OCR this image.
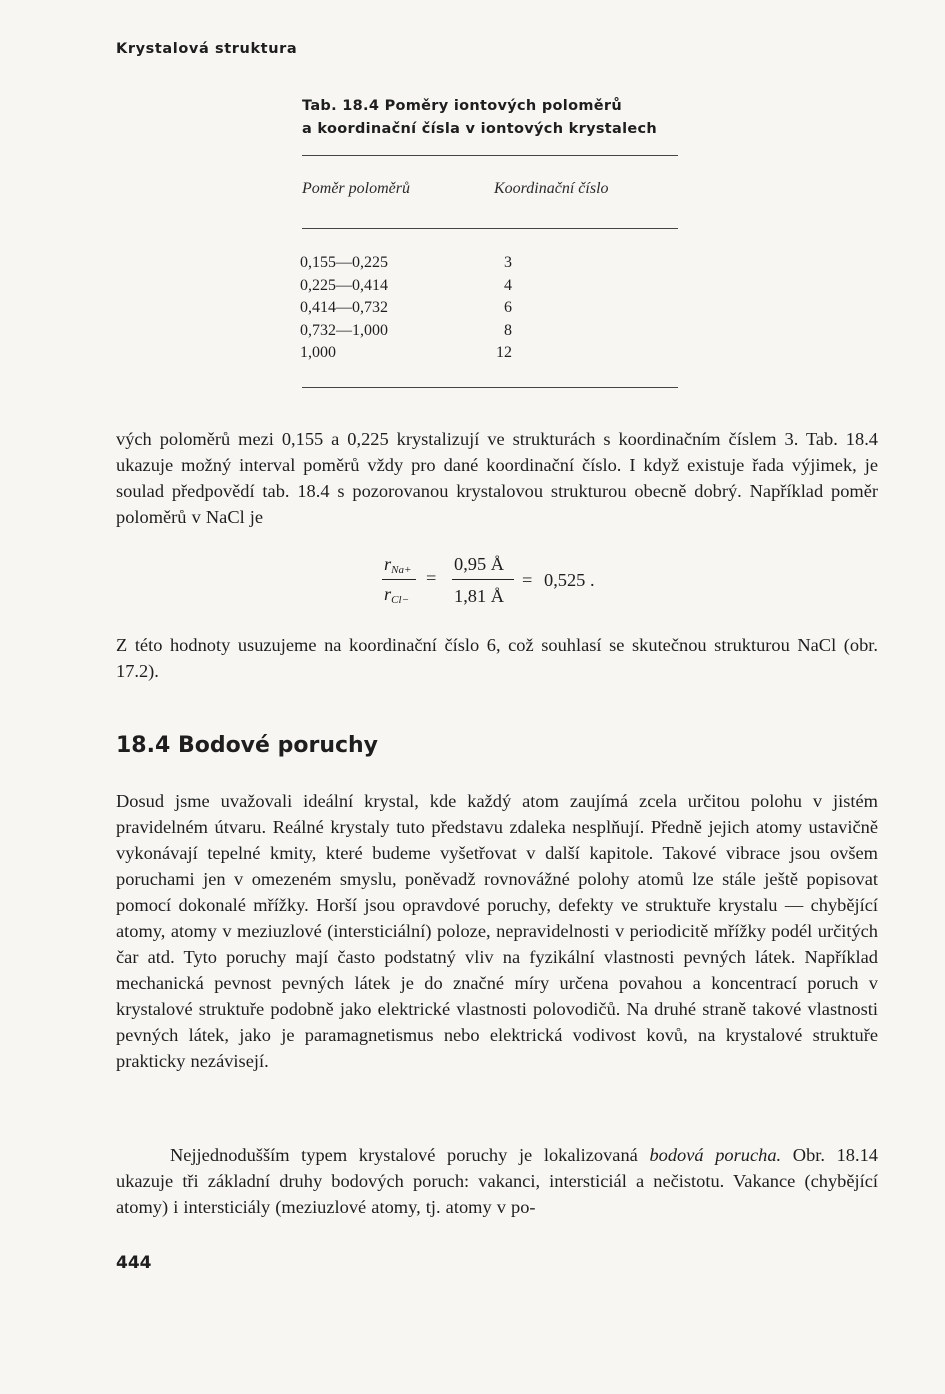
Krystalová struktura
Tab. 18.4 Poměry iontových poloměrů
a koordinační čísla v iontových krystalech
Poměr poloměrů	Koordinační číslo
0,155—0,225	3
0,225—0,414	4
0,414—0,732	6
0,732—1,000	8
1,000	12
vých poloměrů mezi 0,155 a 0,225 krystalizují ve strukturách s koordinačním číslem 3. Tab. 18.4 ukazuje možný interval poměrů vždy pro dané koordinační číslo. I když existuje řada výjimek, je soulad předpovědí tab. 18.4 s pozorovanou krystalovou strukturou obecně dobrý. Například poměr poloměrů v NaCl je
$r_{Na+}$
$r_{Cl-}$
=
0,95 Å
1,81 Å
= 0,525 .
Z této hodnoty usuzujeme na koordinační číslo 6, což souhlasí se skutečnou strukturou NaCl (obr. 17.2).
18.4 Bodové poruchy
Dosud jsme uvažovali ideální krystal, kde každý atom zaujímá zcela určitou polohu v jistém pravidelném útvaru. Reálné krystaly tuto představu zdaleka nesplňují. Předně jejich atomy ustavičně vykonávají tepelné kmity, které budeme vyšetřovat v další kapitole. Takové vibrace jsou ovšem poruchami jen v omezeném smyslu, poněvadž rovnovážné polohy atomů lze stále ještě popisovat pomocí dokonalé mřížky. Horší jsou opravdové poruchy, defekty ve struktuře krystalu — chybějící atomy, atomy v meziuzlové (intersticiální) poloze, nepravidelnosti v periodicitě mřížky podél určitých čar atd. Tyto poruchy mají často podstatný vliv na fyzikální vlastnosti pevných látek. Například mechanická pevnost pevných látek je do značné míry určena povahou a koncentrací poruch v krystalové struktuře podobně jako elektrické vlastnosti polovodičů. Na druhé straně takové vlastnosti pevných látek, jako je paramagnetismus nebo elektrická vodivost kovů, na krystalové struktuře prakticky nezávisejí.
Nejjednodušším typem krystalové poruchy je lokalizovaná bodová porucha. Obr. 18.14 ukazuje tři základní druhy bodových poruch: vakanci, intersticiál a nečistotu. Vakance (chybějící atomy) i intersticiály (meziuzlové atomy, tj. atomy v po-
444
